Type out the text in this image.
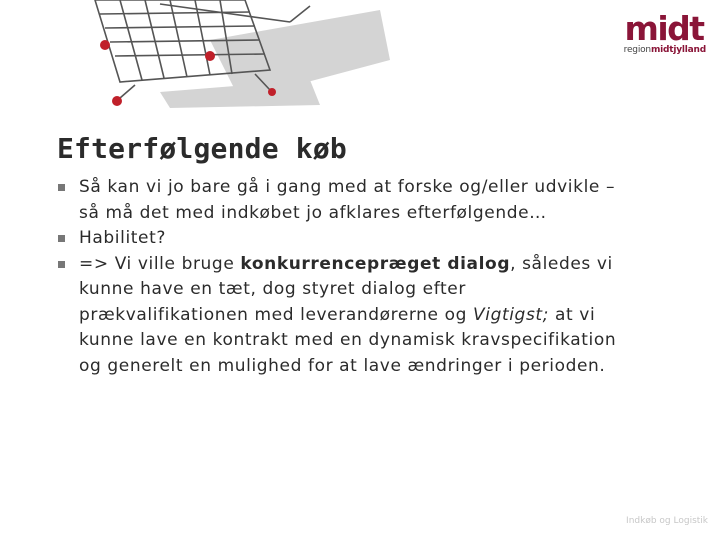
midt
regionmidtjylland
Efterfølgende køb
Så kan vi jo bare gå i gang med at forske og/eller udvikle – så må det med indkøbet jo afklares efterfølgende…
Habilitet?
=> Vi ville bruge konkurrencepræget dialog, således vi kunne have en tæt, dog styret dialog efter prækvalifikationen med leverandørerne og Vigtigst; at vi kunne lave en kontrakt med en dynamisk kravspecifikation og generelt en mulighed for at lave ændringer i perioden.
Indkøb og Logistik
